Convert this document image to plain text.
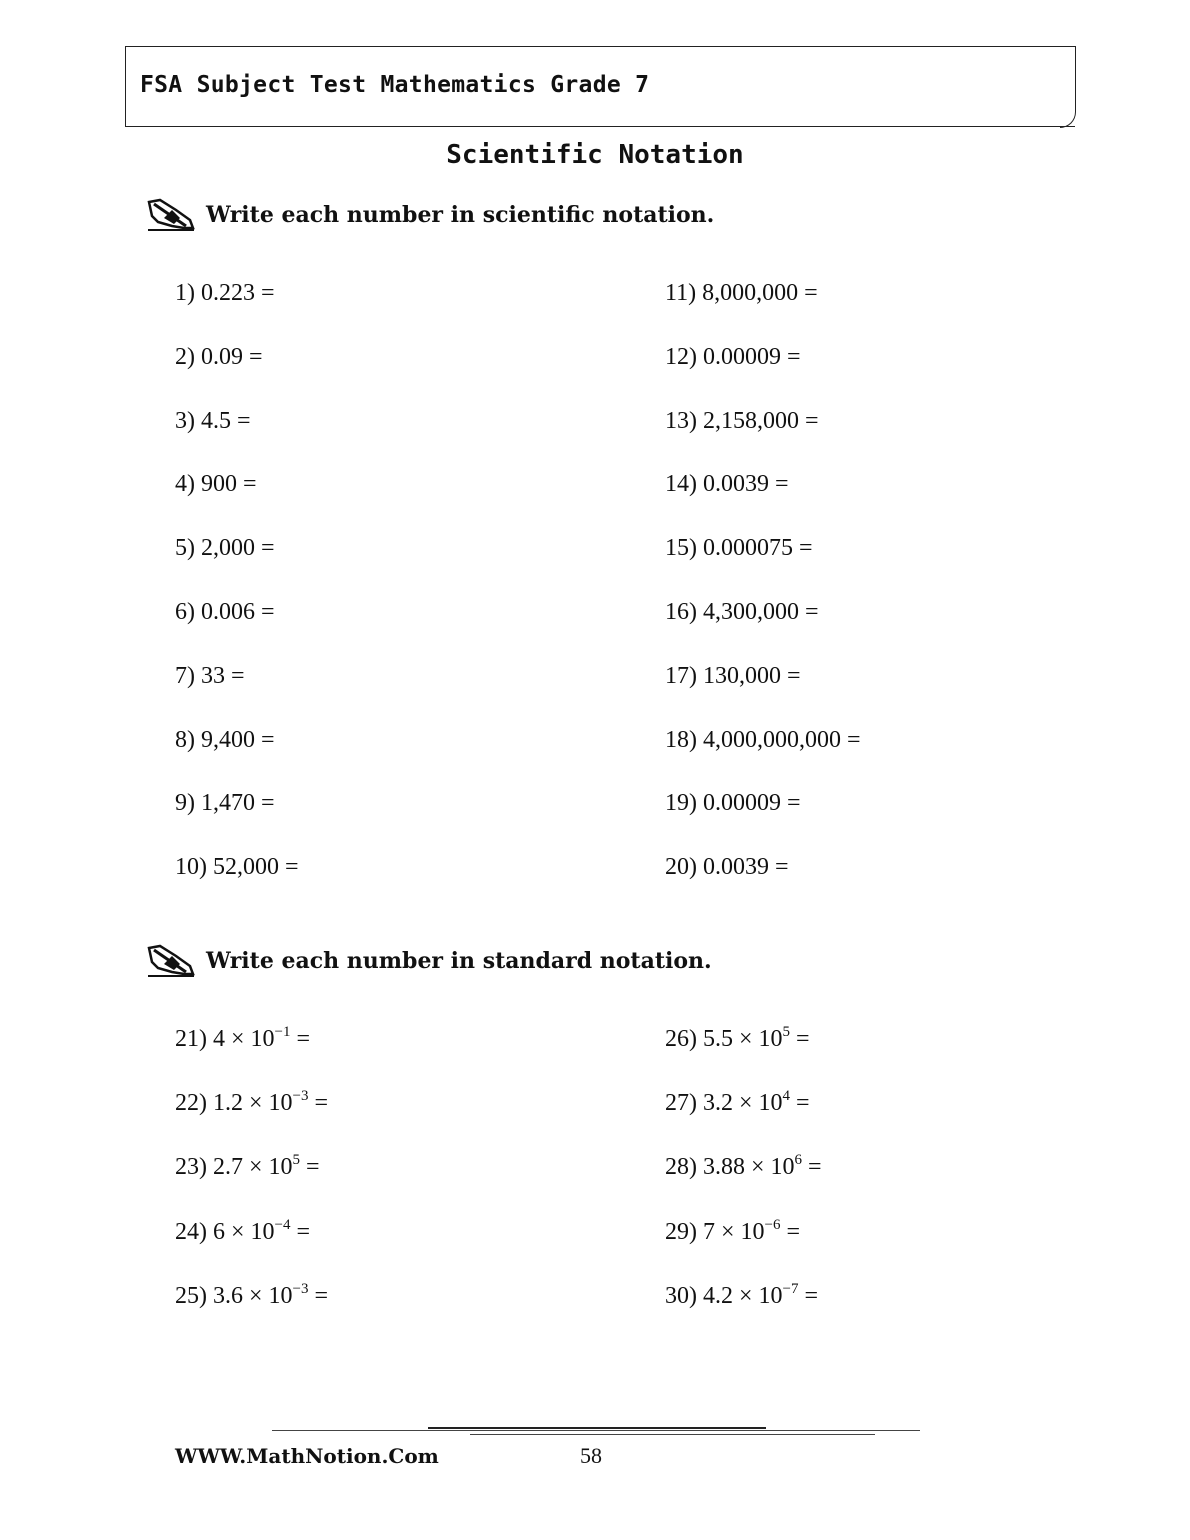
FSA Subject Test Mathematics Grade 7
Scientific Notation
Write each number in scientific notation.
1) 0.223 =	11) 8,000,000 =
2) 0.09 =	12) 0.00009 =
3) 4.5 =	13) 2,158,000 =
4) 900 =	14) 0.0039 =
5) 2,000 =	15) 0.000075 =
6) 0.006 =	16) 4,300,000 =
7) 33 =	17) 130,000 =
8) 9,400 =	18) 4,000,000,000 =
9) 1,470 =	19) 0.00009 =
10) 52,000 =	20) 0.0039 =
Write each number in standard notation.
21) $4 \times 10^{-1}$ =	26) $5.5 \times 10^5$ =
22) $1.2 \times 10^{-3}$ =	27) $3.2 \times 10^4$ =
23) $2.7 \times 10^5$ =	28) $3.88 \times 10^6$ =
24) $6 \times 10^{-4}$ =	29) $7 \times 10^{-6}$ =
25) $3.6 \times 10^{-3}$ =	30) $4.2 \times 10^{-7}$ =
WWW.MathNotion.Com	58
